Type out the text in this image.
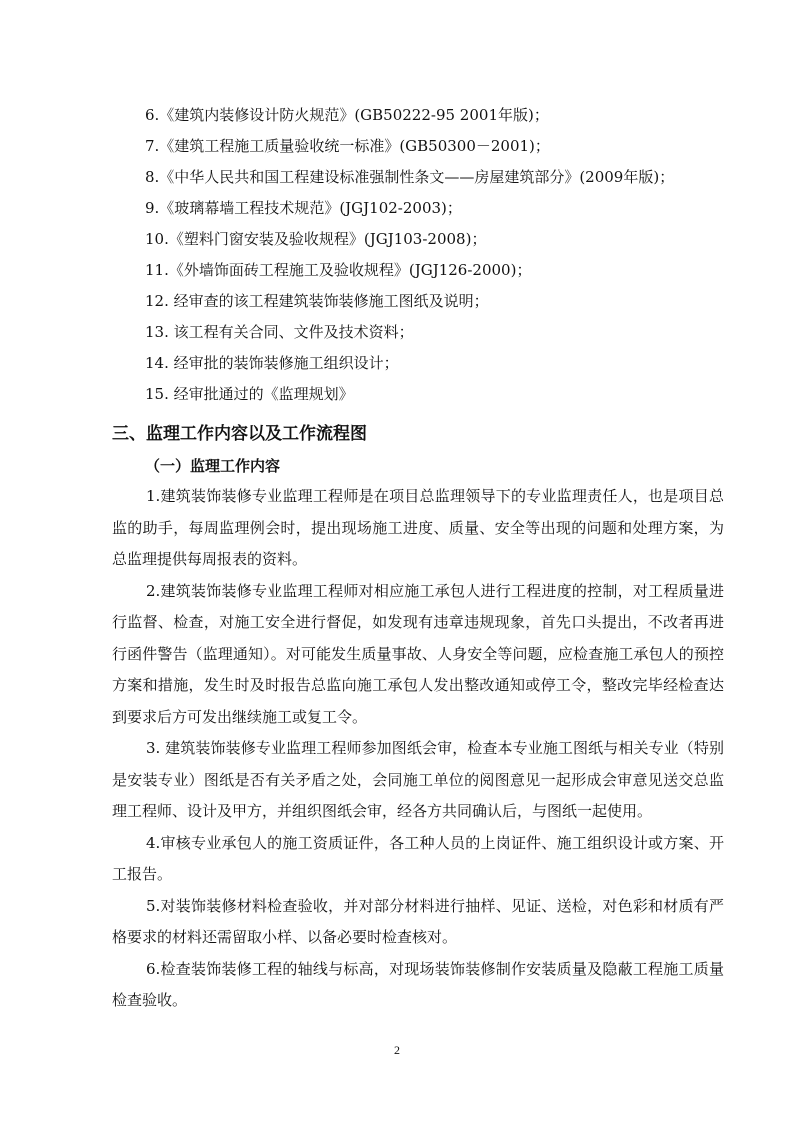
6.《建筑内装修设计防火规范》(GB50222-95 2001年版)；
7.《建筑工程施工质量验收统一标准》(GB50300－2001)；
8.《中华人民共和国工程建设标准强制性条文——房屋建筑部分》(2009年版)；
9.《玻璃幕墙工程技术规范》(JGJ102-2003)；
10.《塑料门窗安装及验收规程》(JGJ103-2008)；
11.《外墙饰面砖工程施工及验收规程》(JGJ126-2000)；
12. 经审查的该工程建筑装饰装修施工图纸及说明；
13. 该工程有关合同、文件及技术资料；
14. 经审批的装饰装修施工组织设计；
15. 经审批通过的《监理规划》
三、监理工作内容以及工作流程图
（一）监理工作内容

1.建筑装饰装修专业监理工程师是在项目总监理领导下的专业监理责任人，也是项目总监的助手，每周监理例会时，提出现场施工进度、质量、安全等出现的问题和处理方案，为总监理提供每周报表的资料。

2.建筑装饰装修专业监理工程师对相应施工承包人进行工程进度的控制，对工程质量进行监督、检查，对施工安全进行督促，如发现有违章违规现象，首先口头提出，不改者再进行函件警告（监理通知）。对可能发生质量事故、人身安全等问题，应检查施工承包人的预控方案和措施，发生时及时报告总监向施工承包人发出整改通知或停工令，整改完毕经检查达到要求后方可发出继续施工或复工令。

3. 建筑装饰装修专业监理工程师参加图纸会审，检查本专业施工图纸与相关专业（特别是安装专业）图纸是否有关矛盾之处，会同施工单位的阅图意见一起形成会审意见送交总监理工程师、设计及甲方，并组织图纸会审，经各方共同确认后，与图纸一起使用。

4.审核专业承包人的施工资质证件，各工种人员的上岗证件、施工组织设计或方案、开工报告。

5.对装饰装修材料检查验收，并对部分材料进行抽样、见证、送检，对色彩和材质有严格要求的材料还需留取小样、以备必要时检查核对。

6.检查装饰装修工程的轴线与标高，对现场装饰装修制作安装质量及隐蔽工程施工质量检查验收。

2
